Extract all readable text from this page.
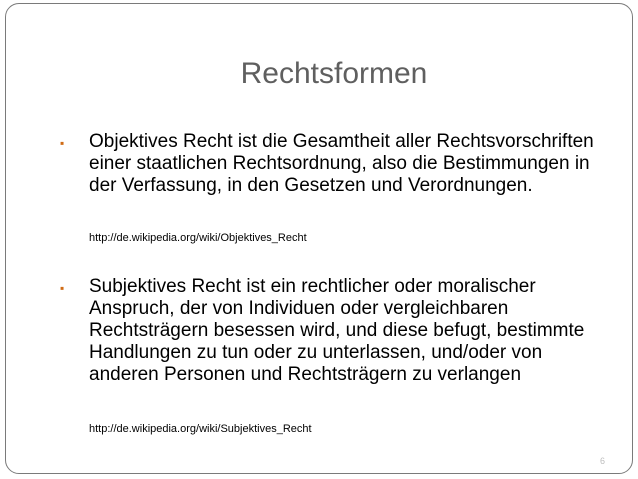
Rechtsformen
▪ Objektives Recht ist die Gesamtheit aller Rechtsvorschriften einer staatlichen Rechtsordnung, also die Bestimmungen in der Verfassung, in den Gesetzen und Verordnungen.
http://de.wikipedia.org/wiki/Objektives_Recht
▪ Subjektives Recht ist ein rechtlicher oder moralischer Anspruch, der von Individuen oder vergleichbaren Rechtsträgern besessen wird, und diese befugt, bestimmte Handlungen zu tun oder zu unterlassen, und/oder von anderen Personen und Rechtsträgern zu verlangen
http://de.wikipedia.org/wiki/Subjektives_Recht
6
